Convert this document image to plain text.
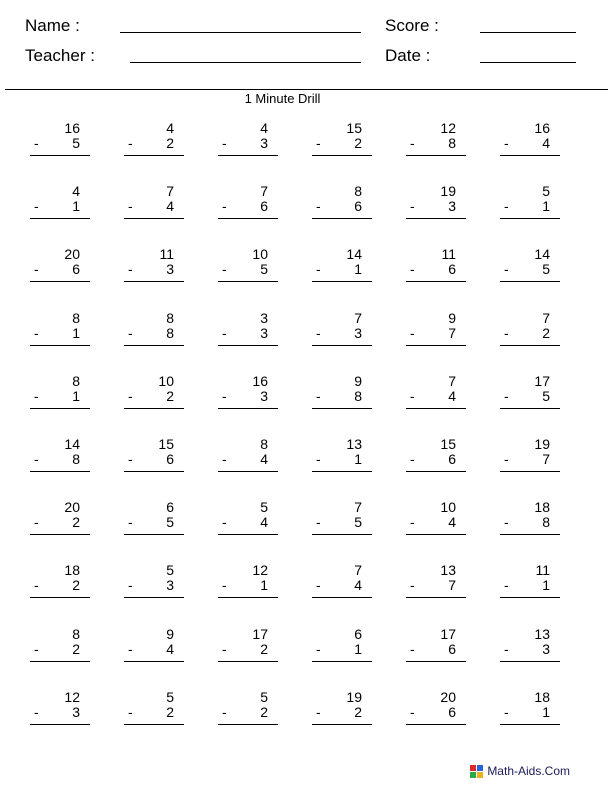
Name :	Score :
Teacher :	Date :
1 Minute Drill
16
- 5
4
- 2
4
- 3
15
- 2
12
- 8
16
- 4
4
- 1
7
- 4
7
- 6
8
- 6
19
- 3
5
- 1
20
- 6
11
- 3
10
- 5
14
- 1
11
- 6
14
- 5
8
- 1
8
- 8
3
- 3
7
- 3
9
- 7
7
- 2
8
- 1
10
- 2
16
- 3
9
- 8
7
- 4
17
- 5
14
- 8
15
- 6
8
- 4
13
- 1
15
- 6
19
- 7
20
- 2
6
- 5
5
- 4
7
- 5
10
- 4
18
- 8
18
- 2
5
- 3
12
- 1
7
- 4
13
- 7
11
- 1
8
- 2
9
- 4
17
- 2
6
- 1
17
- 6
13
- 3
12
- 3
5
- 2
5
- 2
19
- 2
20
- 6
18
- 1
Math-Aids.Com
